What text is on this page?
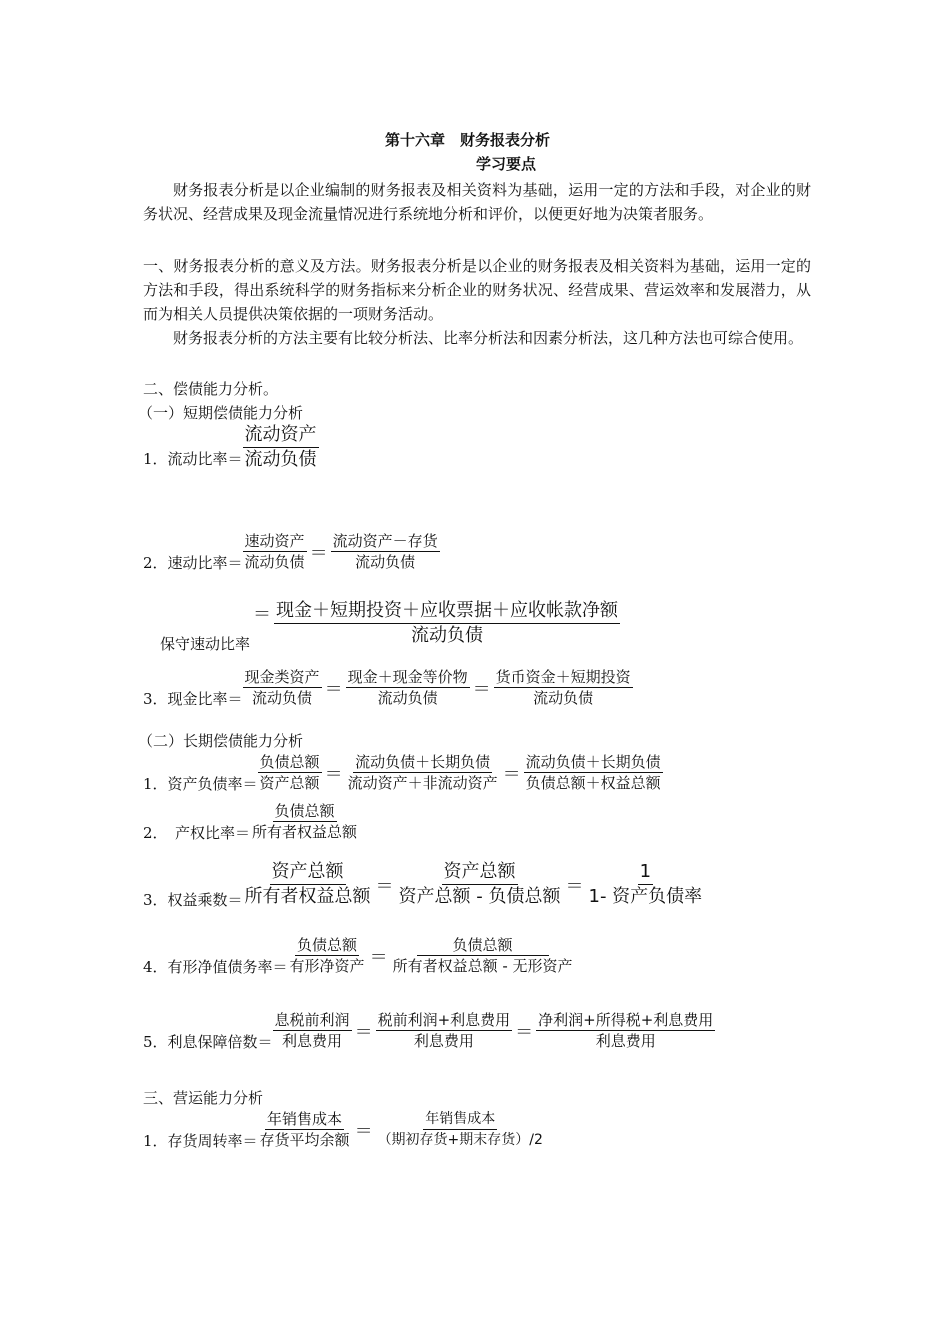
第十六章　财务报表分析
学习要点
财务报表分析是以企业编制的财务报表及相关资料为基础，运用一定的方法和手段，对企业的财务状况、经营成果及现金流量情况进行系统地分析和评价，以便更好地为决策者服务。
一、财务报表分析的意义及方法。财务报表分析是以企业的财务报表及相关资料为基础，运用一定的方法和手段，得出系统科学的财务指标来分析企业的财务状况、经营成果、营运效率和发展潜力，从而为相关人员提供决策依据的一项财务活动。
财务报表分析的方法主要有比较分析法、比率分析法和因素分析法，这几种方法也可综合使用。
二、偿债能力分析。
（一）短期偿债能力分析
1．流动比率＝ $\frac{\text{流动资产}}{\text{流动负债}}$
2．速动比率＝ $\frac{\text{速动资产}}{\text{流动负债}} = \frac{\text{流动资产－存货}}{\text{流动负债}}$
保守速动比率
＝ $\frac{\text{现金＋短期投资＋应收票据＋应收帐款净额}}{\text{流动负债}}$
3．现金比率＝ $\frac{\text{现金类资产}}{\text{流动负债}} = \frac{\text{现金＋现金等价物}}{\text{流动负债}} = \frac{\text{货币资金＋短期投资}}{\text{流动负债}}$
（二）长期偿债能力分析
1．资产负债率＝ $\frac{\text{负债总额}}{\text{资产总额}} = \frac{\text{流动负债＋长期负债}}{\text{流动资产＋非流动资产}} = \frac{\text{流动负债＋长期负债}}{\text{负债总额＋权益总额}}$
2．　产权比率＝ $\frac{\text{负债总额}}{\text{所有者权益总额}}$
3．权益乘数＝ $\frac{\text{资产总额}}{\text{所有者权益总额}} = \frac{\text{资产总额}}{\text{资产总额 - 负债总额}} = \frac{1}{\text{1- 资产负债率}}$
4．有形净值债务率＝ $\frac{\text{负债总额}}{\text{有形净资产}} = \frac{\text{负债总额}}{\text{所有者权益总额 - 无形资产}}$
5．利息保障倍数＝ $\frac{\text{息税前利润}}{\text{利息费用}} = \frac{\text{税前利润+利息费用}}{\text{利息费用}} = \frac{\text{净利润+所得税+利息费用}}{\text{利息费用}}$
三、营运能力分析
1．存货周转率＝ $\frac{\text{年销售成本}}{\text{存货平均余额}} = \frac{\text{年销售成本}}{\text{（期初存货+期末存货）/2}}$
